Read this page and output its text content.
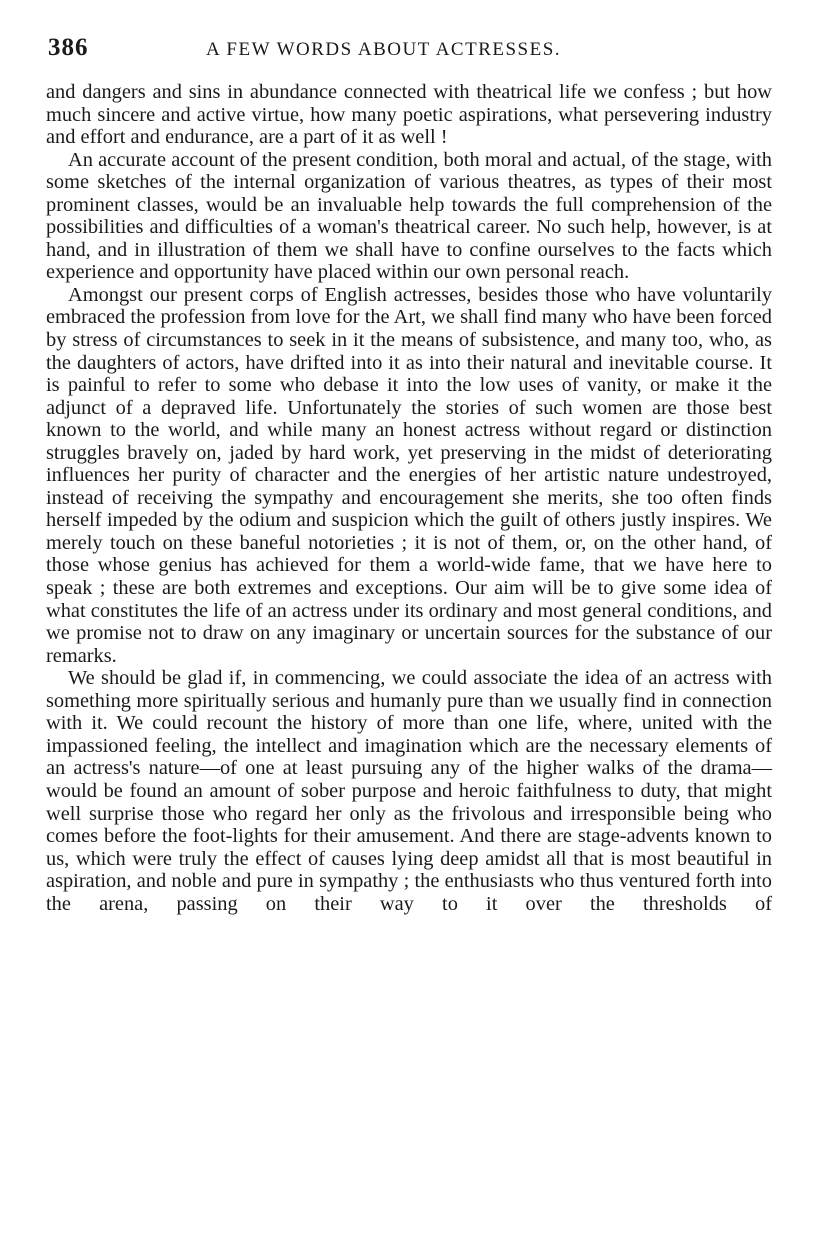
386	A FEW WORDS ABOUT ACTRESSES.

and dangers and sins in abundance connected with theatrical life we confess ; but how much sincere and active virtue, how many poetic aspirations, what persevering industry and effort and endurance, are a part of it as well !

An accurate account of the present condition, both moral and actual, of the stage, with some sketches of the internal organization of various theatres, as types of their most prominent classes, would be an invaluable help towards the full comprehension of the possibilities and difficulties of a woman's theatrical career. No such help, however, is at hand, and in illustration of them we shall have to confine ourselves to the facts which experience and opportunity have placed within our own personal reach.

Amongst our present corps of English actresses, besides those who have voluntarily embraced the profession from love for the Art, we shall find many who have been forced by stress of circumstances to seek in it the means of subsistence, and many too, who, as the daughters of actors, have drifted into it as into their natural and inevitable course. It is painful to refer to some who debase it into the low uses of vanity, or make it the adjunct of a depraved life. Unfortunately the stories of such women are those best known to the world, and while many an honest actress without regard or distinction struggles bravely on, jaded by hard work, yet preserving in the midst of deteriorating influences her purity of character and the energies of her artistic nature undestroyed, instead of receiving the sympathy and encouragement she merits, she too often finds herself impeded by the odium and suspicion which the guilt of others justly inspires. We merely touch on these baneful notorieties ; it is not of them, or, on the other hand, of those whose genius has achieved for them a world-wide fame, that we have here to speak ; these are both extremes and exceptions. Our aim will be to give some idea of what constitutes the life of an actress under its ordinary and most general conditions, and we promise not to draw on any imaginary or uncertain sources for the substance of our remarks.

We should be glad if, in commencing, we could associate the idea of an actress with something more spiritually serious and humanly pure than we usually find in connection with it. We could recount the history of more than one life, where, united with the impassioned feeling, the intellect and imagination which are the necessary elements of an actress's nature—of one at least pursuing any of the higher walks of the drama—would be found an amount of sober purpose and heroic faithfulness to duty, that might well surprise those who regard her only as the frivolous and irresponsible being who comes before the foot-lights for their amusement. And there are stage-advents known to us, which were truly the effect of causes lying deep amidst all that is most beautiful in aspiration, and noble and pure in sympathy ; the enthusiasts who thus ventured forth into the arena, passing on their way to it over the thresholds of
